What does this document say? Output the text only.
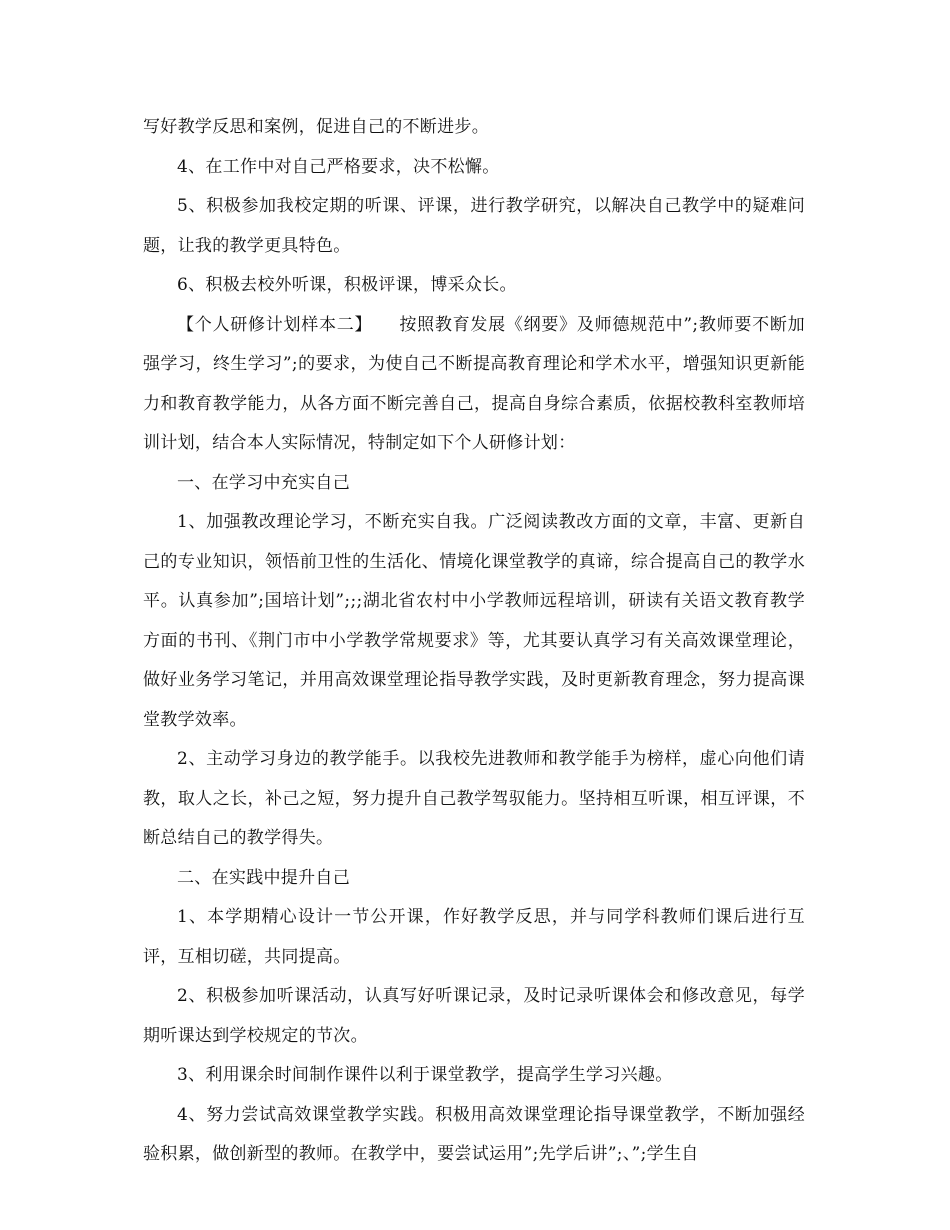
写好教学反思和案例，促进自己的不断进步。

4、在工作中对自己严格要求，决不松懈。

5、积极参加我校定期的听课、评课，进行教学研究，以解决自己教学中的疑难问题，让我的教学更具特色。

6、积极去校外听课，积极评课，博采众长。

【个人研修计划样本二】　　按照教育发展《纲要》及师德规范中”;教师要不断加强学习，终生学习”;的要求，为使自己不断提高教育理论和学术水平，增强知识更新能力和教育教学能力，从各方面不断完善自己，提高自身综合素质，依据校教科室教师培训计划，结合本人实际情况，特制定如下个人研修计划：

一、在学习中充实自己

1、加强教改理论学习，不断充实自我。广泛阅读教改方面的文章，丰富、更新自己的专业知识，领悟前卫性的生活化、情境化课堂教学的真谛，综合提高自己的教学水平。认真参加”;国培计划”;;;湖北省农村中小学教师远程培训，研读有关语文教育教学方面的书刊、《荆门市中小学教学常规要求》等，尤其要认真学习有关高效课堂理论，做好业务学习笔记，并用高效课堂理论指导教学实践，及时更新教育理念，努力提高课堂教学效率。

2、主动学习身边的教学能手。以我校先进教师和教学能手为榜样，虚心向他们请教，取人之长，补己之短，努力提升自己教学驾驭能力。坚持相互听课，相互评课，不断总结自己的教学得失。

二、在实践中提升自己

1、本学期精心设计一节公开课，作好教学反思，并与同学科教师们课后进行互评，互相切磋，共同提高。

2、积极参加听课活动，认真写好听课记录，及时记录听课体会和修改意见，每学期听课达到学校规定的节次。

3、利用课余时间制作课件以利于课堂教学，提高学生学习兴趣。

4、努力尝试高效课堂教学实践。积极用高效课堂理论指导课堂教学，不断加强经验积累，做创新型的教师。在教学中，要尝试运用”;先学后讲”;、”;学生自
